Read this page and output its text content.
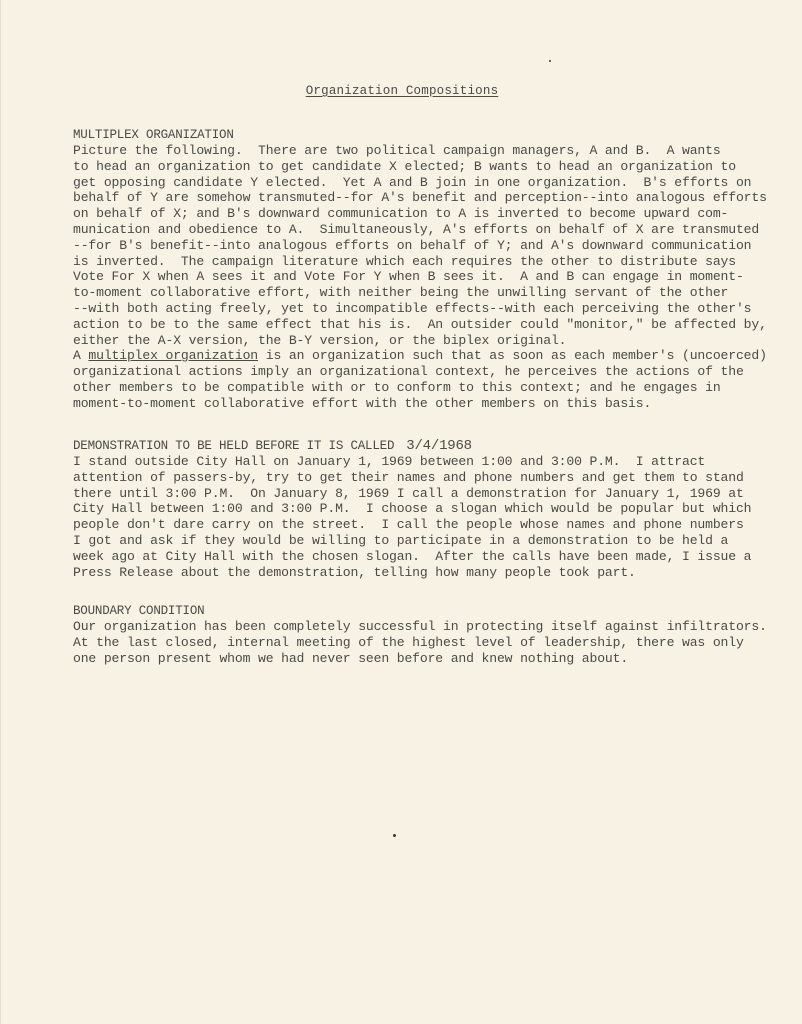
Organization Compositions
MULTIPLEX ORGANIZATION
Picture the following.  There are two political campaign managers, A and B.  A wants
to head an organization to get candidate X elected; B wants to head an organization to
get opposing candidate Y elected.  Yet A and B join in one organization.  B's efforts on
behalf of Y are somehow transmuted--for A's benefit and perception--into analogous efforts
on behalf of X; and B's downward communication to A is inverted to become upward com-
munication and obedience to A.  Simultaneously, A's efforts on behalf of X are transmuted
--for B's benefit--into analogous efforts on behalf of Y; and A's downward communication
is inverted.  The campaign literature which each requires the other to distribute says
Vote For X when A sees it and Vote For Y when B sees it.  A and B can engage in moment-
to-moment collaborative effort, with neither being the unwilling servant of the other
--with both acting freely, yet to incompatible effects--with each perceiving the other's
action to be to the same effect that his is.  An outsider could "monitor," be affected by,
either the A-X version, the B-Y version, or the biplex original.
A multiplex organization is an organization such that as soon as each member's (uncoerced)
organizational actions imply an organizational context, he perceives the actions of the
other members to be compatible with or to conform to this context; and he engages in
moment-to-moment collaborative effort with the other members on this basis.
DEMONSTRATION TO BE HELD BEFORE IT IS CALLED 3/4/1968
I stand outside City Hall on January 1, 1969 between 1:00 and 3:00 P.M.  I attract
attention of passers-by, try to get their names and phone numbers and get them to stand
there until 3:00 P.M.  On January 8, 1969 I call a demonstration for January 1, 1969 at
City Hall between 1:00 and 3:00 P.M.  I choose a slogan which would be popular but which
people don't dare carry on the street.  I call the people whose names and phone numbers
I got and ask if they would be willing to participate in a demonstration to be held a
week ago at City Hall with the chosen slogan.  After the calls have been made, I issue a
Press Release about the demonstration, telling how many people took part.
BOUNDARY CONDITION
Our organization has been completely successful in protecting itself against infiltrators.
At the last closed, internal meeting of the highest level of leadership, there was only
one person present whom we had never seen before and knew nothing about.
